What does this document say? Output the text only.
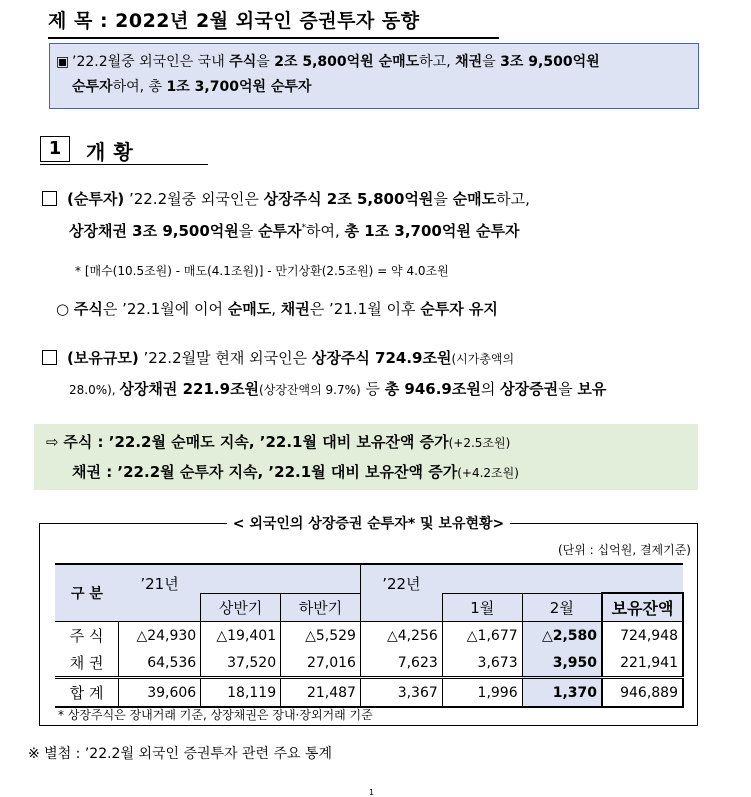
제 목 : 2022년 2월 외국인 증권투자 동향
▣ ’22.2월중 외국인은 국내 주식을 2조 5,800억원 순매도하고, 채권을 3조 9,500억원
순투자하여, 총 1조 3,700억원 순투자
1	개황
(순투자) ’22.2월중 외국인은 상장주식 2조 5,800억원을 순매도하고,
상장채권 3조 9,500억원을 순투자*하여, 총 1조 3,700억원 순투자
* [매수(10.5조원) - 매도(4.1조원)] - 만기상환(2.5조원) = 약 4.0조원
○ 주식은 ’22.1월에 이어 순매도, 채권은 ’21.1월 이후 순투자 유지
(보유규모) ’22.2월말 현재 외국인은 상장주식 724.9조원(시가총액의
28.0%), 상장채권 221.9조원(상장잔액의 9.7%) 등 총 946.9조원의 상장증권을 보유
⇨ 주식 : ’22.2월 순매도 지속, ’22.1월 대비 보유잔액 증가(+2.5조원)
채권 : ’22.2월 순투자 지속, ’22.1월 대비 보유잔액 증가(+4.2조원)
< 외국인의 상장증권 순투자* 및 보유현황>
(단위 : 십억원, 결제기준)
구 분	’21년			’22년			
		상반기	하반기		1월	2월	보유잔액
주 식	△24,930	△19,401	△5,529	△4,256	△1,677	△2,580	724,948
채 권	64,536	37,520	27,016	7,623	3,673	3,950	221,941
합 계	39,606	18,119	21,487	3,367	1,996	1,370	946,889
* 상장주식은 장내거래 기준, 상장채권은 장내·장외거래 기준
※ 별첨 : ’22.2월 외국인 증권투자 관련 주요 통계
1
